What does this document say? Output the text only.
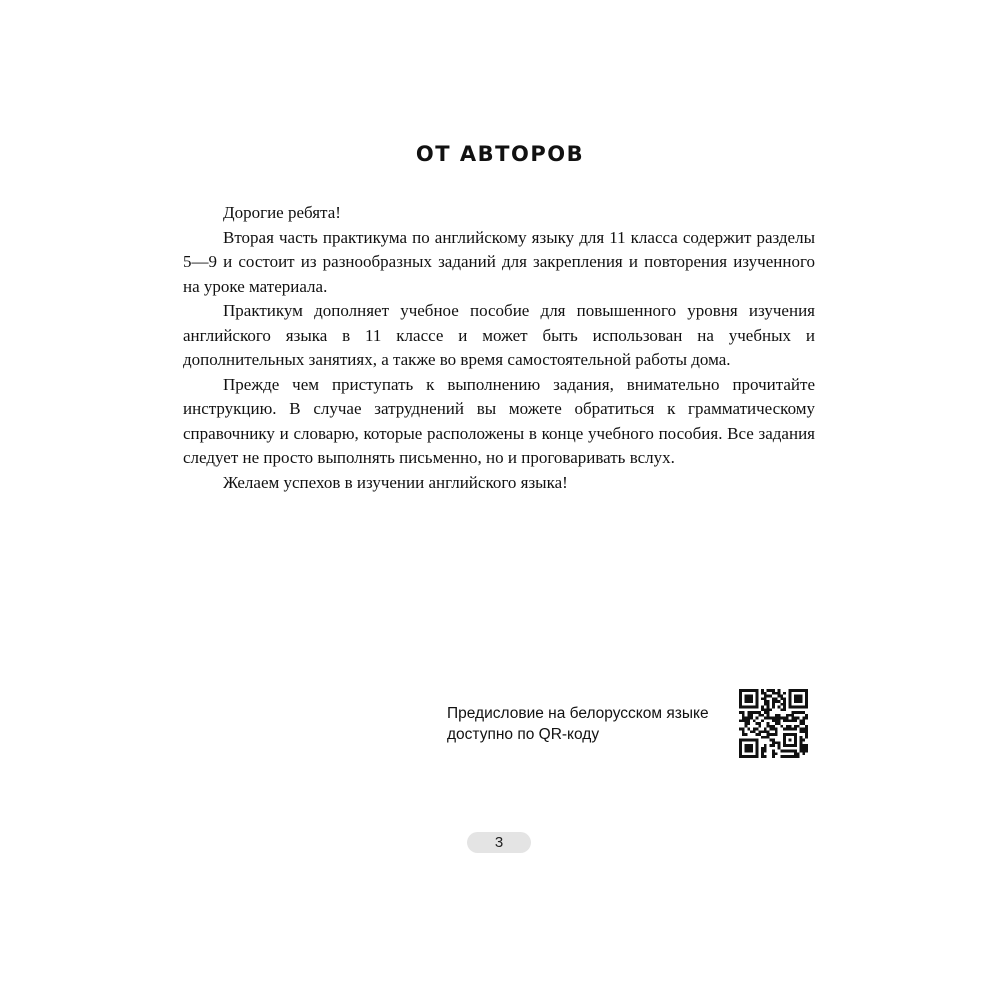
ОТ АВТОРОВ

Дорогие ребята!

Вторая часть практикума по английскому языку для 11 класса содержит разделы 5—9 и состоит из разнообразных заданий для закрепления и повторения изученного на уроке материала.

Практикум дополняет учебное пособие для повышенного уровня изучения английского языка в 11 классе и может быть использован на учебных и дополнительных занятиях, а также во время самостоятельной работы дома.

Прежде чем приступать к выполнению задания, внимательно прочитайте инструкцию. В случае затруднений вы можете обратиться к грамматическому справочнику и словарю, которые расположены в конце учебного пособия. Все задания следует не просто выполнять письменно, но и проговаривать вслух.

Желаем успехов в изучении английского языка!

Предисловие на белорусском языке
доступно по QR-коду
3
